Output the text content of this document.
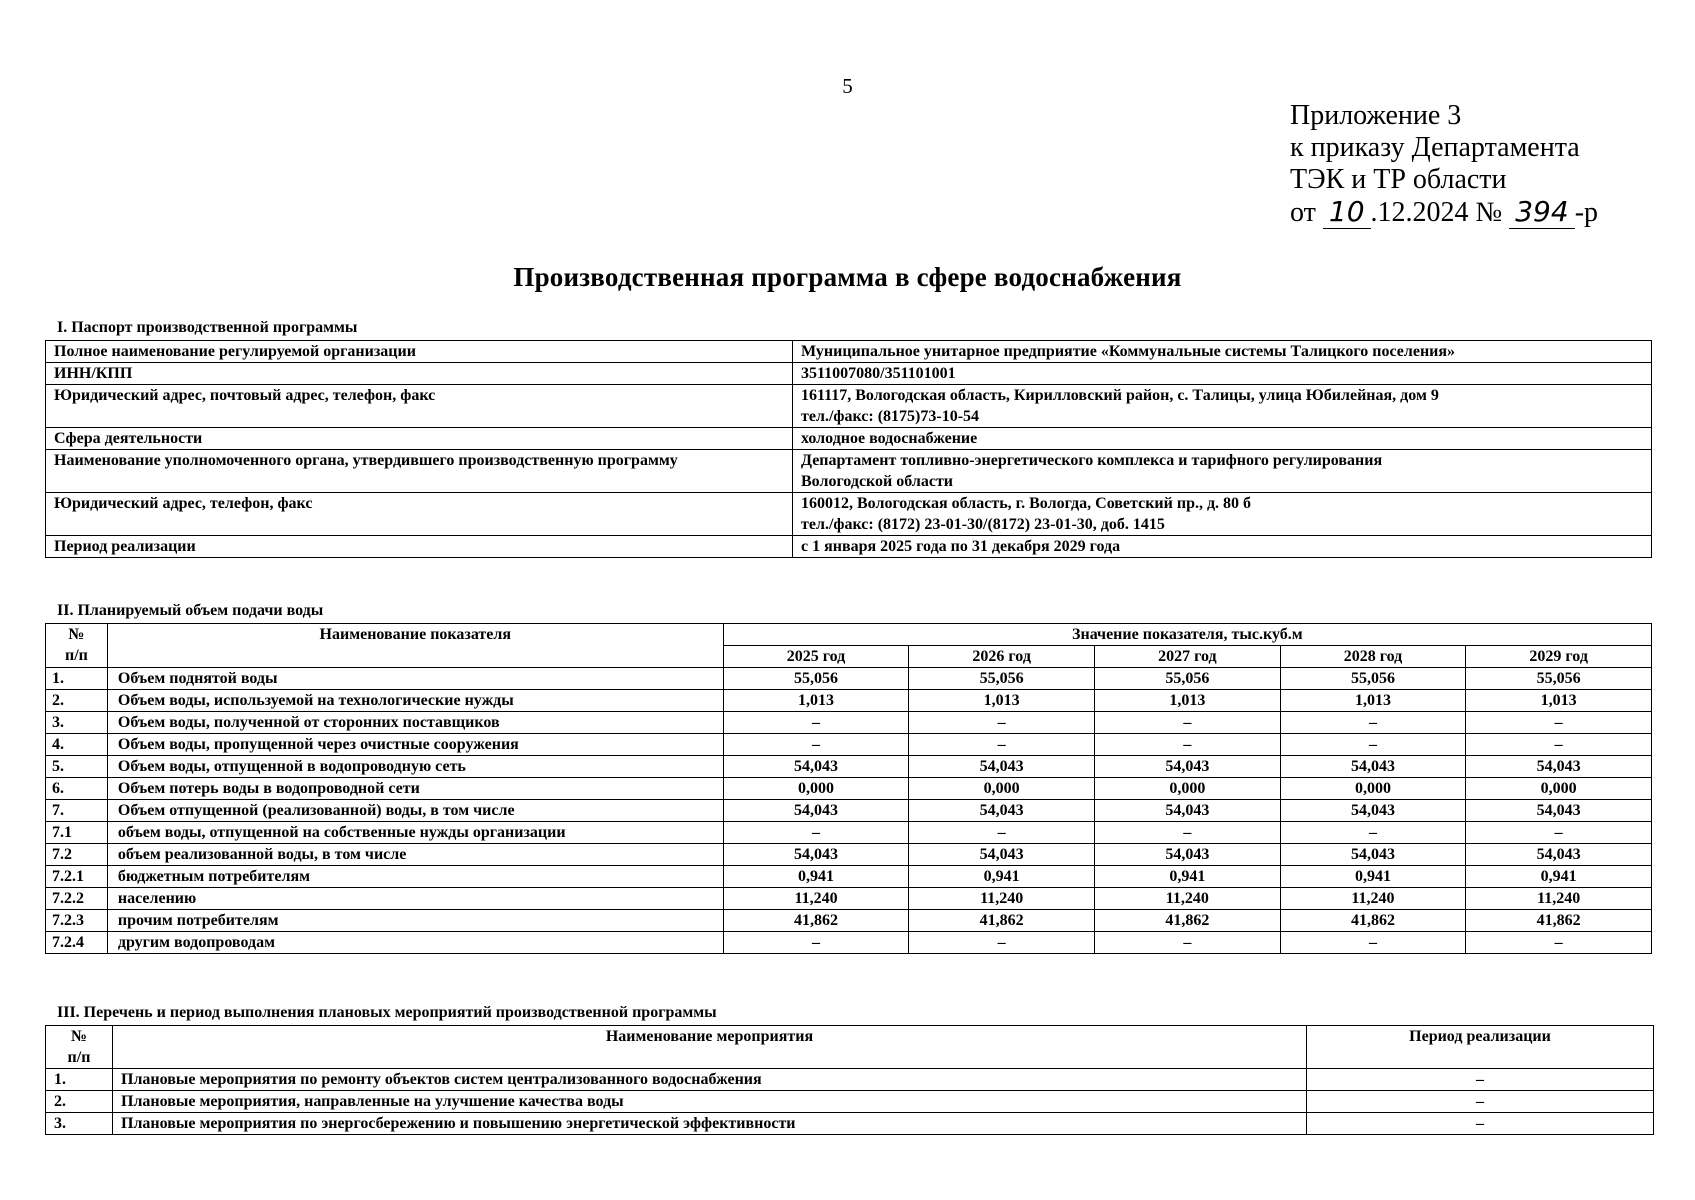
5
Приложение 3
к приказу Департамента
ТЭК и ТР области
от 10 .12.2024 № 394 -р
Производственная программа в сфере водоснабжения
I. Паспорт производственной программы
Полное наименование регулируемой организации	Муниципальное унитарное предприятие «Коммунальные системы Талицкого поселения»

ИНН/КПП	3511007080/351101001

Юридический адрес, почтовый адрес, телефон, факс	161117, Вологодская область, Кирилловский район, с. Талицы, улица Юбилейная, дом 9
тел./факс: (8175)73-10-54

Сфера деятельности	холодное водоснабжение

Наименование уполномоченного органа, утвердившего производственную программу	Департамент топливно-энергетического комплекса и тарифного регулирования
Вологодской области

Юридический адрес, телефон, факс	160012, Вологодская область, г. Вологда, Советский пр., д. 80 б
тел./факс: (8172) 23-01-30/(8172) 23-01-30, доб. 1415

Период реализации	с 1 января 2025 года по 31 декабря 2029 года
II. Планируемый объем подачи воды
№
п/п	Наименование показателя	Значение показателя, тыс.куб.м				
		2025 год	2026 год	2027 год	2028 год	2029 год
1.	Объем поднятой воды	55,056	55,056	55,056	55,056	55,056
2.	Объем воды, используемой на технологические нужды	1,013	1,013	1,013	1,013	1,013
3.	Объем воды, полученной от сторонних поставщиков	–	–	–	–	–
4.	Объем воды, пропущенной через очистные сооружения	–	–	–	–	–
5.	Объем воды, отпущенной в водопроводную сеть	54,043	54,043	54,043	54,043	54,043
6.	Объем потерь воды в водопроводной сети	0,000	0,000	0,000	0,000	0,000
7.	Объем отпущенной (реализованной) воды, в том числе	54,043	54,043	54,043	54,043	54,043
7.1	объем воды, отпущенной на собственные нужды организации	–	–	–	–	–
7.2	объем реализованной воды, в том числе	54,043	54,043	54,043	54,043	54,043
7.2.1	бюджетным потребителям	0,941	0,941	0,941	0,941	0,941
7.2.2	населению	11,240	11,240	11,240	11,240	11,240
7.2.3	прочим потребителям	41,862	41,862	41,862	41,862	41,862
7.2.4	другим водопроводам	–	–	–	–	–
III. Перечень и период выполнения плановых мероприятий производственной программы
№
п/п	Наименование мероприятия	Период реализации
1.	Плановые мероприятия по ремонту объектов систем централизованного водоснабжения	–
2.	Плановые мероприятия, направленные на улучшение качества воды	–
3.	Плановые мероприятия по энергосбережению и повышению энергетической эффективности	–
